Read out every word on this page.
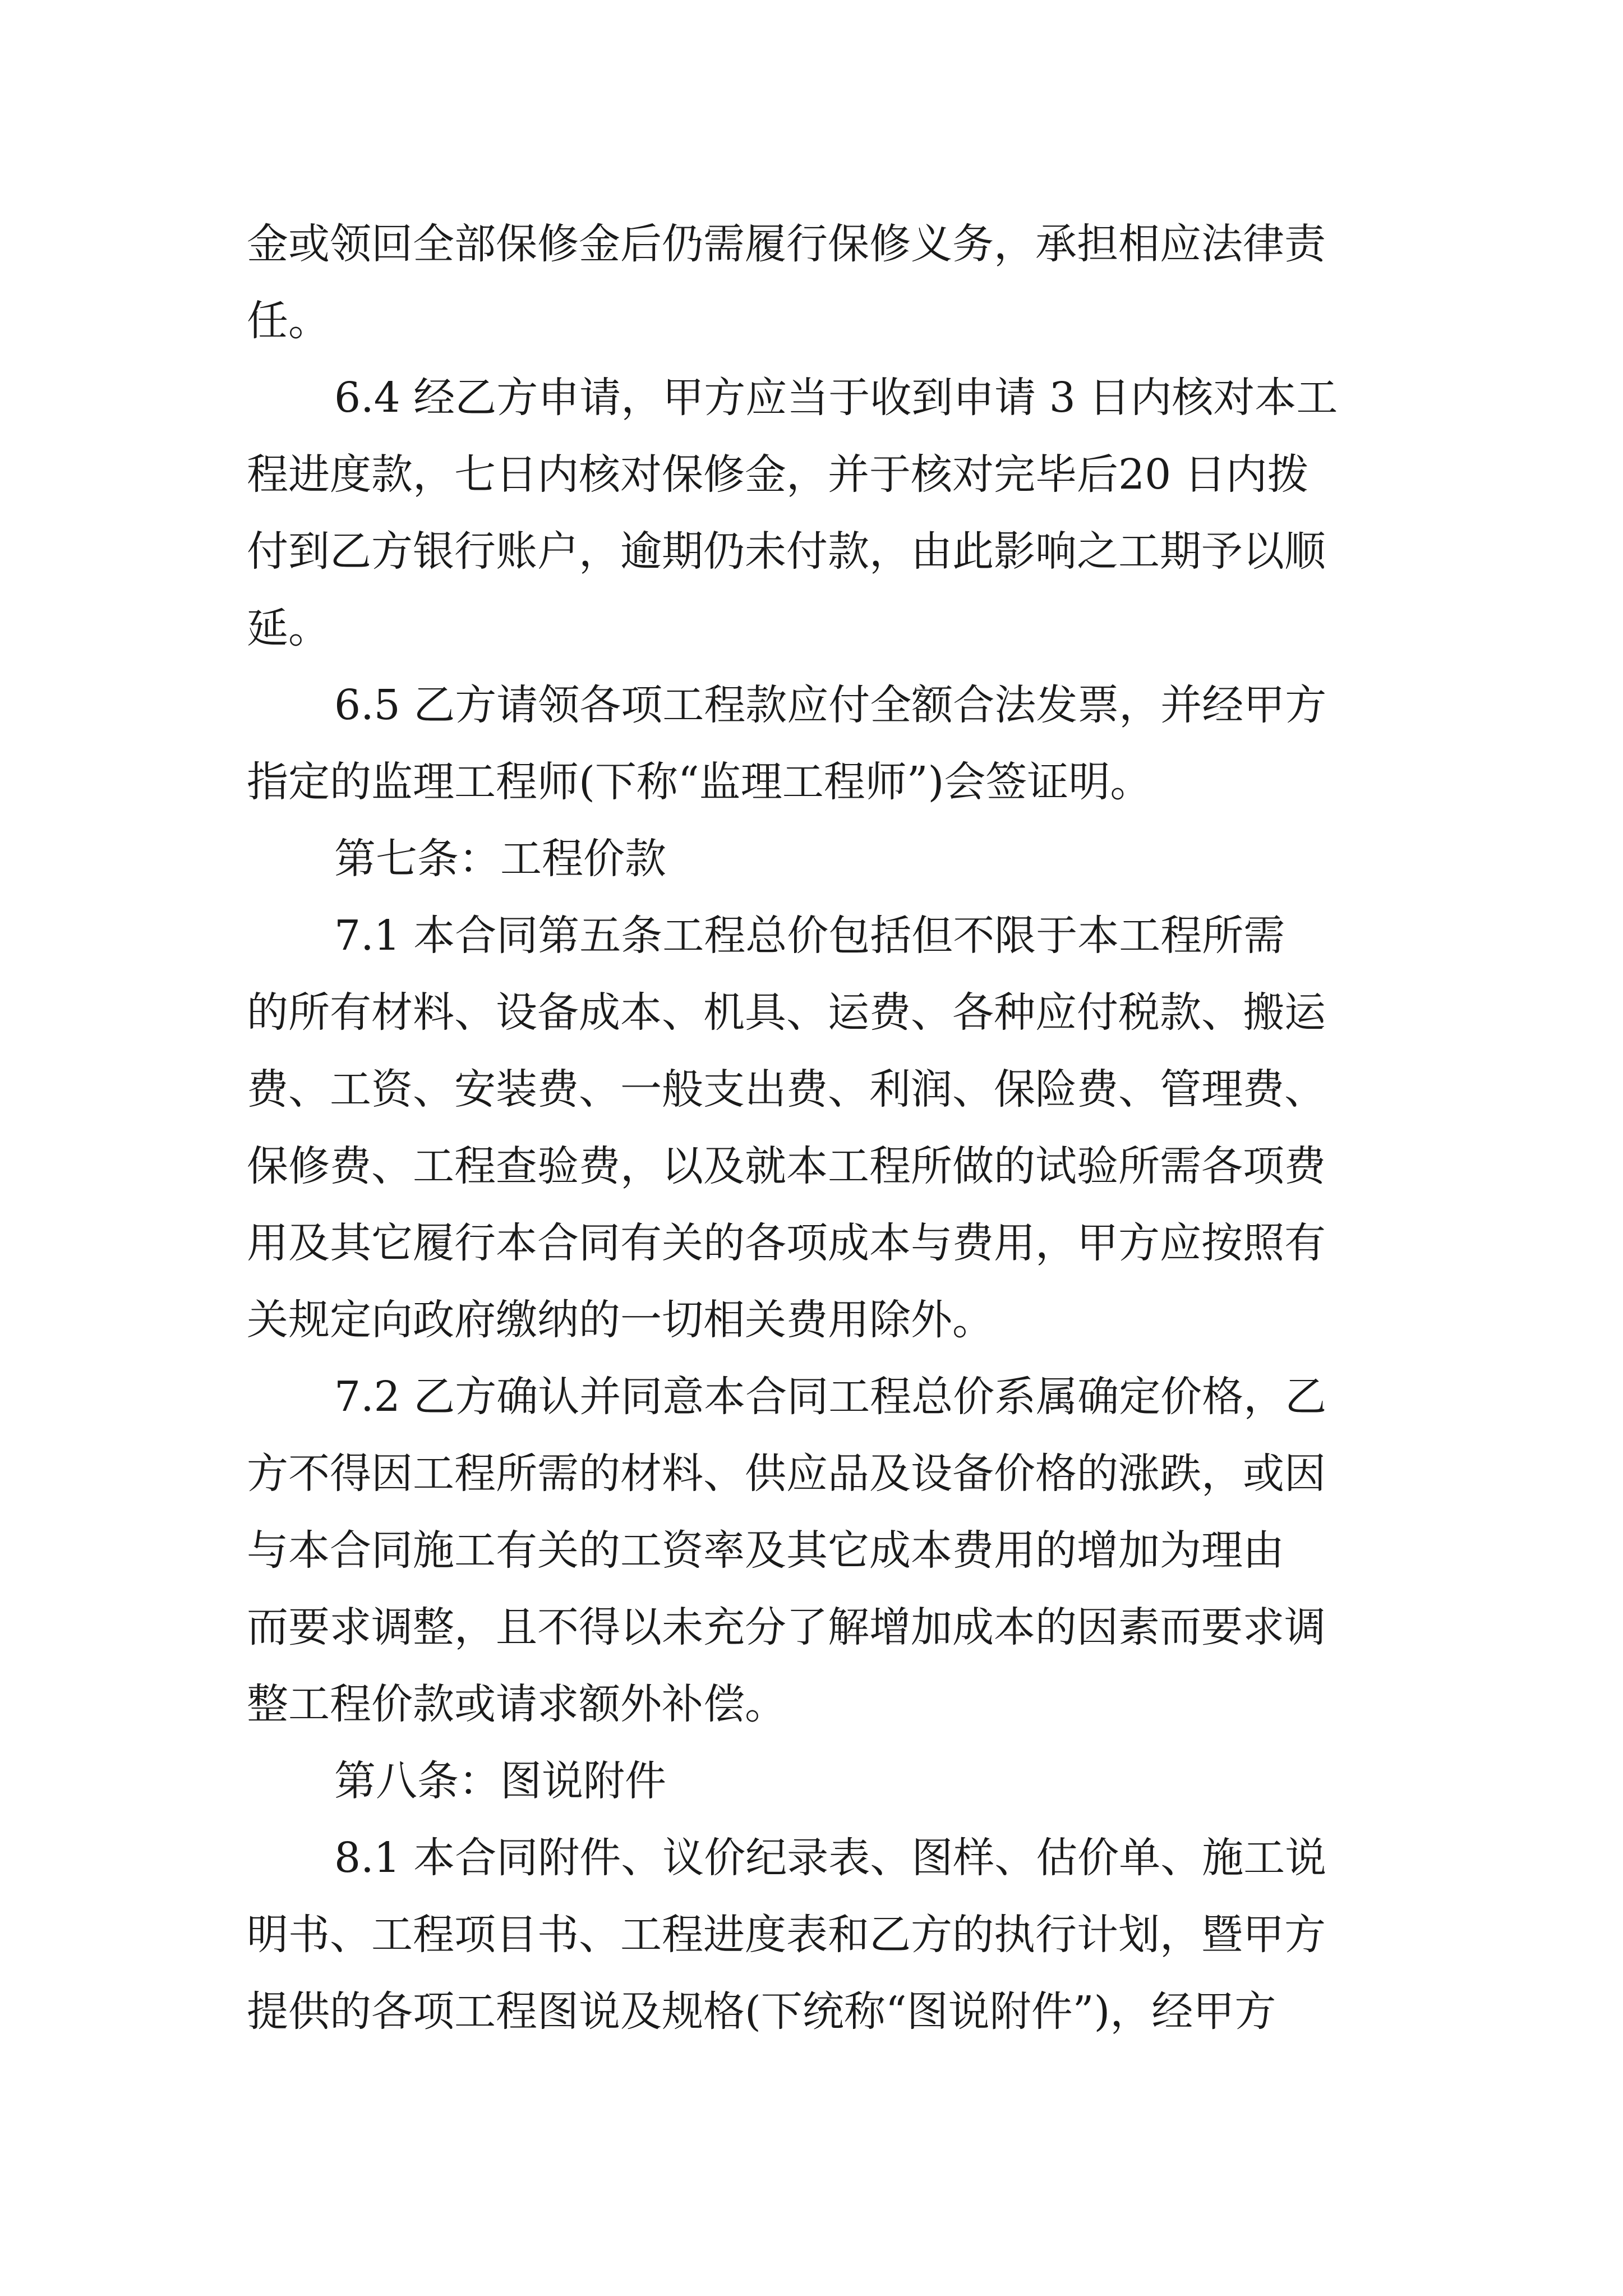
金或领回全部保修金后仍需履行保修义务，承担相应法律责
任。
6.4 经乙方申请，甲方应当于收到申请 3 日内核对本工
程进度款，七日内核对保修金，并于核对完毕后20 日内拨
付到乙方银行账户，逾期仍未付款，由此影响之工期予以顺
延。
6.5 乙方请领各项工程款应付全额合法发票，并经甲方
指定的监理工程师(下称“监理工程师”)会签证明。
第七条：工程价款
7.1 本合同第五条工程总价包括但不限于本工程所需
的所有材料、设备成本、机具、运费、各种应付税款、搬运
费、工资、安装费、一般支出费、利润、保险费、管理费、
保修费、工程查验费，以及就本工程所做的试验所需各项费
用及其它履行本合同有关的各项成本与费用，甲方应按照有
关规定向政府缴纳的一切相关费用除外。
7.2 乙方确认并同意本合同工程总价系属确定价格，乙
方不得因工程所需的材料、供应品及设备价格的涨跌，或因
与本合同施工有关的工资率及其它成本费用的增加为理由
而要求调整，且不得以未充分了解增加成本的因素而要求调
整工程价款或请求额外补偿。
第八条：图说附件
8.1 本合同附件、议价纪录表、图样、估价单、施工说
明书、工程项目书、工程进度表和乙方的执行计划，暨甲方
提供的各项工程图说及规格(下统称“图说附件”)，经甲方
